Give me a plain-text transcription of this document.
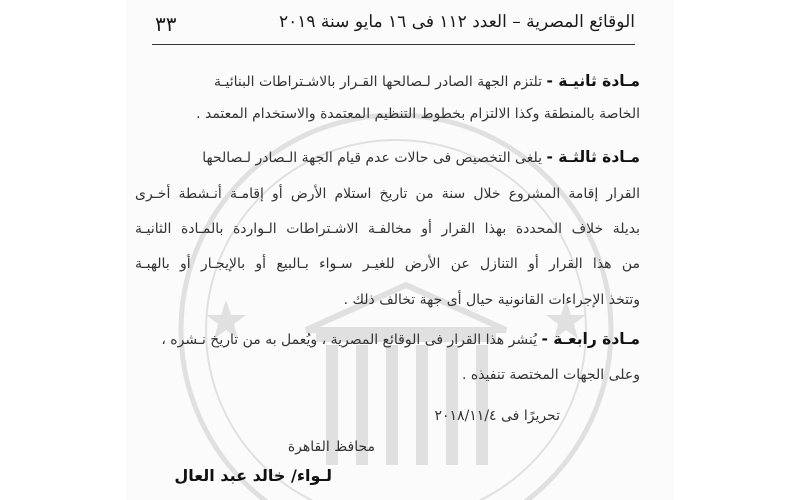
الوقائع المصرية – العدد ١١٢ فى ١٦ مايو سنة ٢٠١٩
٣٣
مـادة ثانيـة - تلتزم الجهة الصادر لـصالحها القـرار بالاشـتراطات البنائيـة
الخاصة بالمنطقة وكذا الالتزام بخطوط التنظيم المعتمدة والاستخدام المعتمد .
مـادة ثالثـة - يلغى التخصيص فى حالات عدم قيام الجهة الـصادر لـصالحها
القرار إقامة المشروع خلال سنة من تاريخ استلام الأرض أو إقامـة أنـشطة أخـرى
بديلة خلاف المحددة بهذا القرار أو مخالفـة الاشـتراطات الـواردة بالمـادة الثانيـة
من هذا القرار أو التنازل عن الأرض للغيـر سـواء بـالبيع أو بالإيجـار أو بالهبـة
وتتخذ الإجراءات القانونية حيال أى جهة تخالف ذلك .
مـادة رابعـة - يُنشر هذا القرار فى الوقائع المصرية ، ويُعمل به من تاريخ نـشره ،
وعلى الجهات المختصة تنفيذه .
تحريرًا فى ٢٠١٨/١١/٤
محافظ القاهرة
لـواء/ خالد عبد العال
